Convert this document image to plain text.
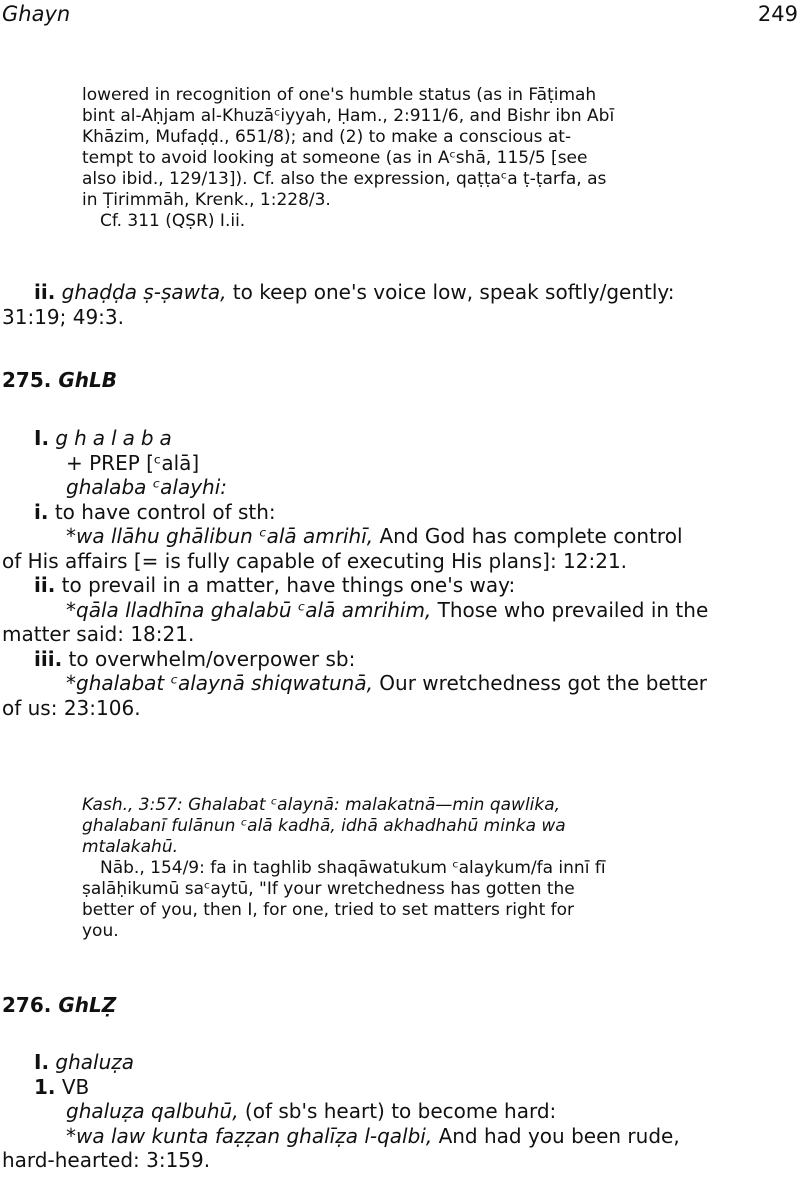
Ghayn	249

lowered in recognition of one's humble status (as in Fāṭimah

bint al-Aḥjam al-Khuzāᶜiyyah, Ḥam., 2:911/6, and Bishr ibn Abī

Khāzim, Mufaḍḍ., 651/8); and (2) to make a conscious at-

tempt to avoid looking at someone (as in Aᶜshā, 115/5 [see

also ibid., 129/13]). Cf. also the expression, qaṭṭaᶜa ṭ-ṭarfa, as

in Ṭirimmāh, Krenk., 1:228/3.

Cf. 311 (QṢR) I.ii.

ii. ghaḍḍa ṣ-ṣawta, to keep one's voice low, speak softly/gently:

31:19; 49:3.

275. GhLB

I. ghalaba

+ PREP [ᶜalā]

ghalaba ᶜalayhi:

i. to have control of sth:

*wa llāhu ghālibun ᶜalā amrihī, And God has complete control

of His affairs [= is fully capable of executing His plans]: 12:21.

ii. to prevail in a matter, have things one's way:

*qāla lladhīna ghalabū ᶜalā amrihim, Those who prevailed in the

matter said: 18:21.

iii. to overwhelm/overpower sb:

*ghalabat ᶜalaynā shiqwatunā, Our wretchedness got the better

of us: 23:106.

Kash., 3:57: Ghalabat ᶜalaynā: malakatnā—min qawlika,

ghalabanī fulānun ᶜalā kadhā, idhā akhadhahū minka wa

mtalakahū.

Nāb., 154/9: fa in taghlib shaqāwatukum ᶜalaykum/fa innī fī

ṣalāḥikumū saᶜaytū, "If your wretchedness has gotten the

better of you, then I, for one, tried to set matters right for

you.

276. GhLẒ

I. ghaluẓa

1. VB

ghaluẓa qalbuhū, (of sb's heart) to become hard:

*wa law kunta faẓẓan ghalīẓa l-qalbi, And had you been rude,

hard-hearted: 3:159.
